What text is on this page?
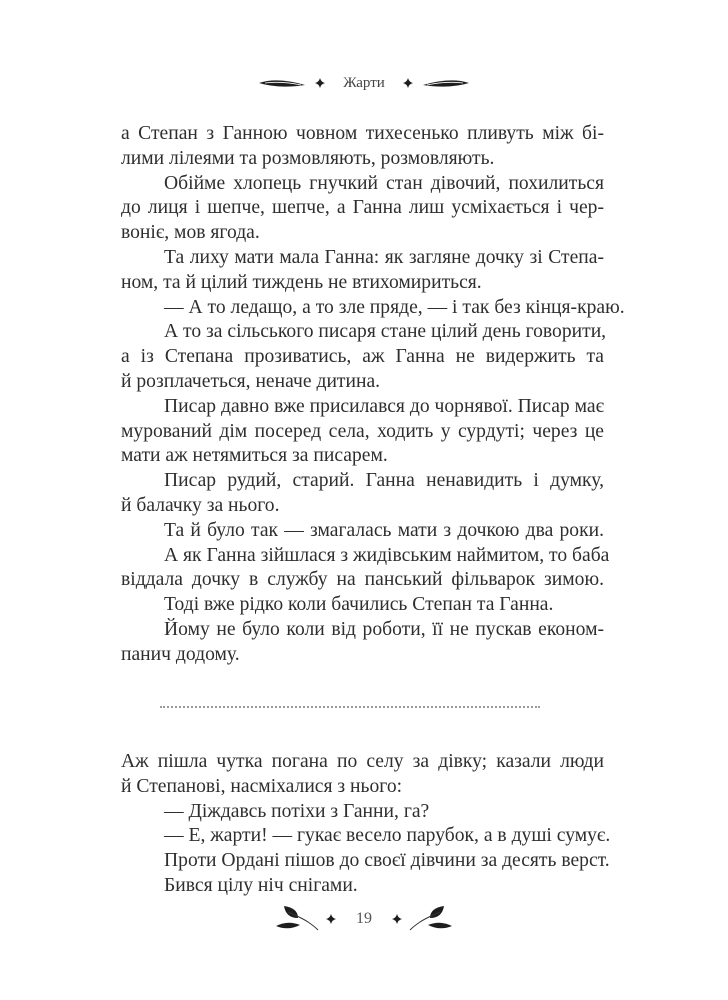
Жарти
а Степан з Ганною човном тихесенько пливуть між бі-
лими лілеями та розмовляють, розмовляють.
Обійме хлопець гнучкий стан дівочий, похилиться
до лиця і шепче, шепче, а Ганна лиш усміхається і чер-
воніє, мов ягода.
Та лиху мати мала Ганна: як загляне дочку зі Степа-
ном, та й цілий тиждень не втихомириться.
— А то ледащо, а то зле пряде, — і так без кінця-краю.
А то за сільського писаря стане цілий день говорити,
а із Степана прозиватись, аж Ганна не видержить та
й розплачеться, неначе дитина.
Писар давно вже присилався до чорнявої. Писар має
мурований дім посеред села, ходить у сурдуті; через це
мати аж нетямиться за писарем.
Писар рудий, старий. Ганна ненавидить і думку,
й балачку за нього.
Та й було так — змагалась мати з дочкою два роки.
А як Ганна зійшлася з жидівським наймитом, то баба
віддала дочку в службу на панський фільварок зимою.
Тоді вже рідко коли бачились Степан та Ганна.
Йому не було коли від роботи, її не пускав економ-
панич додому.
Аж пішла чутка погана по селу за дівку; казали люди
й Степанові, насміхалися з нього:
— Діждавсь потіхи з Ганни, га?
— Е, жарти! — гукає весело парубок, а в душі сумує.
Проти Ордані пішов до своєї дівчини за десять верст.
Бився цілу ніч снігами.
19
